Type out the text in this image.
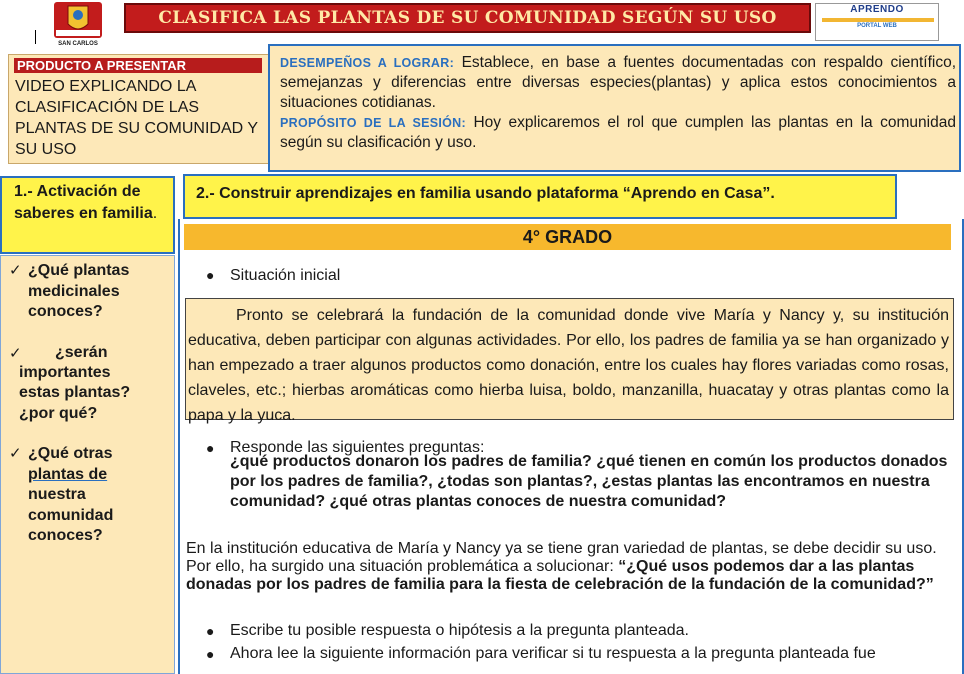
SAN CARLOS
CLASIFICA LAS PLANTAS DE SU COMUNIDAD SEGÚN SU USO	APRENDO
PORTAL WEB
PRODUCTO A PRESENTAR
VIDEO EXPLICANDO LA CLASIFICACIÓN DE LAS PLANTAS DE SU COMUNIDAD Y SU USO
DESEMPEÑOS A LOGRAR: Establece, en base a fuentes documentadas con respaldo científico, semejanzas y diferencias entre diversas especies(plantas) y aplica estos conocimientos a situaciones cotidianas.
PROPÓSITO DE LA SESIÓN: Hoy explicaremos el rol que cumplen las plantas en la comunidad según su clasificación y uso.
1.- Activación de saberes en familia.
2.- Construir aprendizajes en familia usando plataforma “Aprendo en Casa”.
✓ ¿Qué plantas
medicinales
conoces?
✓ ¿serán
importantes
estas plantas?
¿por qué?
✓ ¿Qué otras
plantas de
nuestra
comunidad
conoces?
4° GRADO
● Situación inicial
Pronto se celebrará la fundación de la comunidad donde vive María y Nancy y, su institución educativa, deben participar con algunas actividades. Por ello, los padres de familia ya se han organizado y han empezado a traer algunos productos como donación, entre los cuales hay flores variadas como rosas, claveles, etc.; hierbas aromáticas como hierba luisa, boldo, manzanilla, huacatay y otras plantas como la papa y la yuca.
● Responde las siguientes preguntas:
¿qué productos donaron los padres de familia? ¿qué tienen en común los productos donados por los padres de familia?, ¿todas son plantas?, ¿estas plantas las encontramos en nuestra comunidad? ¿qué otras plantas conoces de nuestra comunidad?
En la institución educativa de María y Nancy ya se tiene gran variedad de plantas, se debe decidir su uso. Por ello, ha surgido una situación problemática a solucionar: “¿Qué usos podemos dar a las plantas donadas por los padres de familia para la fiesta de celebración de la fundación de la comunidad?”
● Escribe tu posible respuesta o hipótesis a la pregunta planteada.
● Ahora lee la siguiente información para verificar si tu respuesta a la pregunta planteada fue
